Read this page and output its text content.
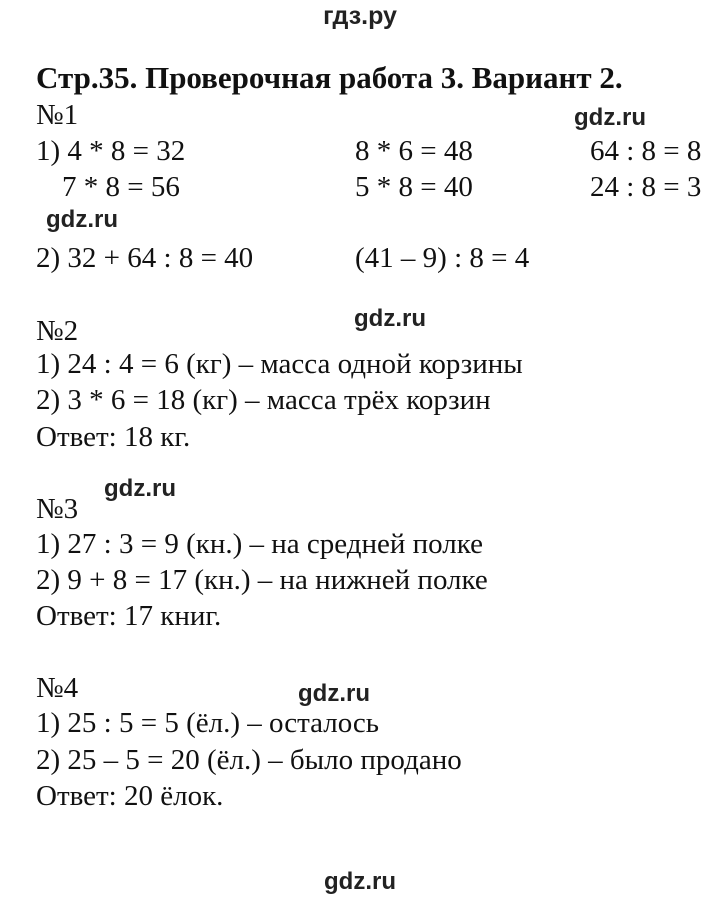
гдз.ру
Стр.35. Проверочная работа 3. Вариант 2.
№1	gdz.ru
1) 4 * 8 = 32	8 * 6 = 48	64 : 8 = 8
7 * 8 = 56	5 * 8 = 40	24 : 8 = 3
gdz.ru
2) 32 + 64 : 8 = 40	(41 – 9) : 8 = 4
№2	gdz.ru
1) 24 : 4 = 6 (кг) – масса одной корзины
2) 3 * 6 = 18 (кг) – масса трёх корзин
Ответ: 18 кг.
№3
gdz.ru
1) 27 : 3 = 9 (кн.) – на средней полке
2) 9 + 8 = 17 (кн.) – на нижней полке
Ответ: 17 книг.
№4	gdz.ru
1) 25 : 5 = 5 (ёл.) – осталось
2) 25 – 5 = 20 (ёл.) – было продано
Ответ: 20 ёлок.
gdz.ru
